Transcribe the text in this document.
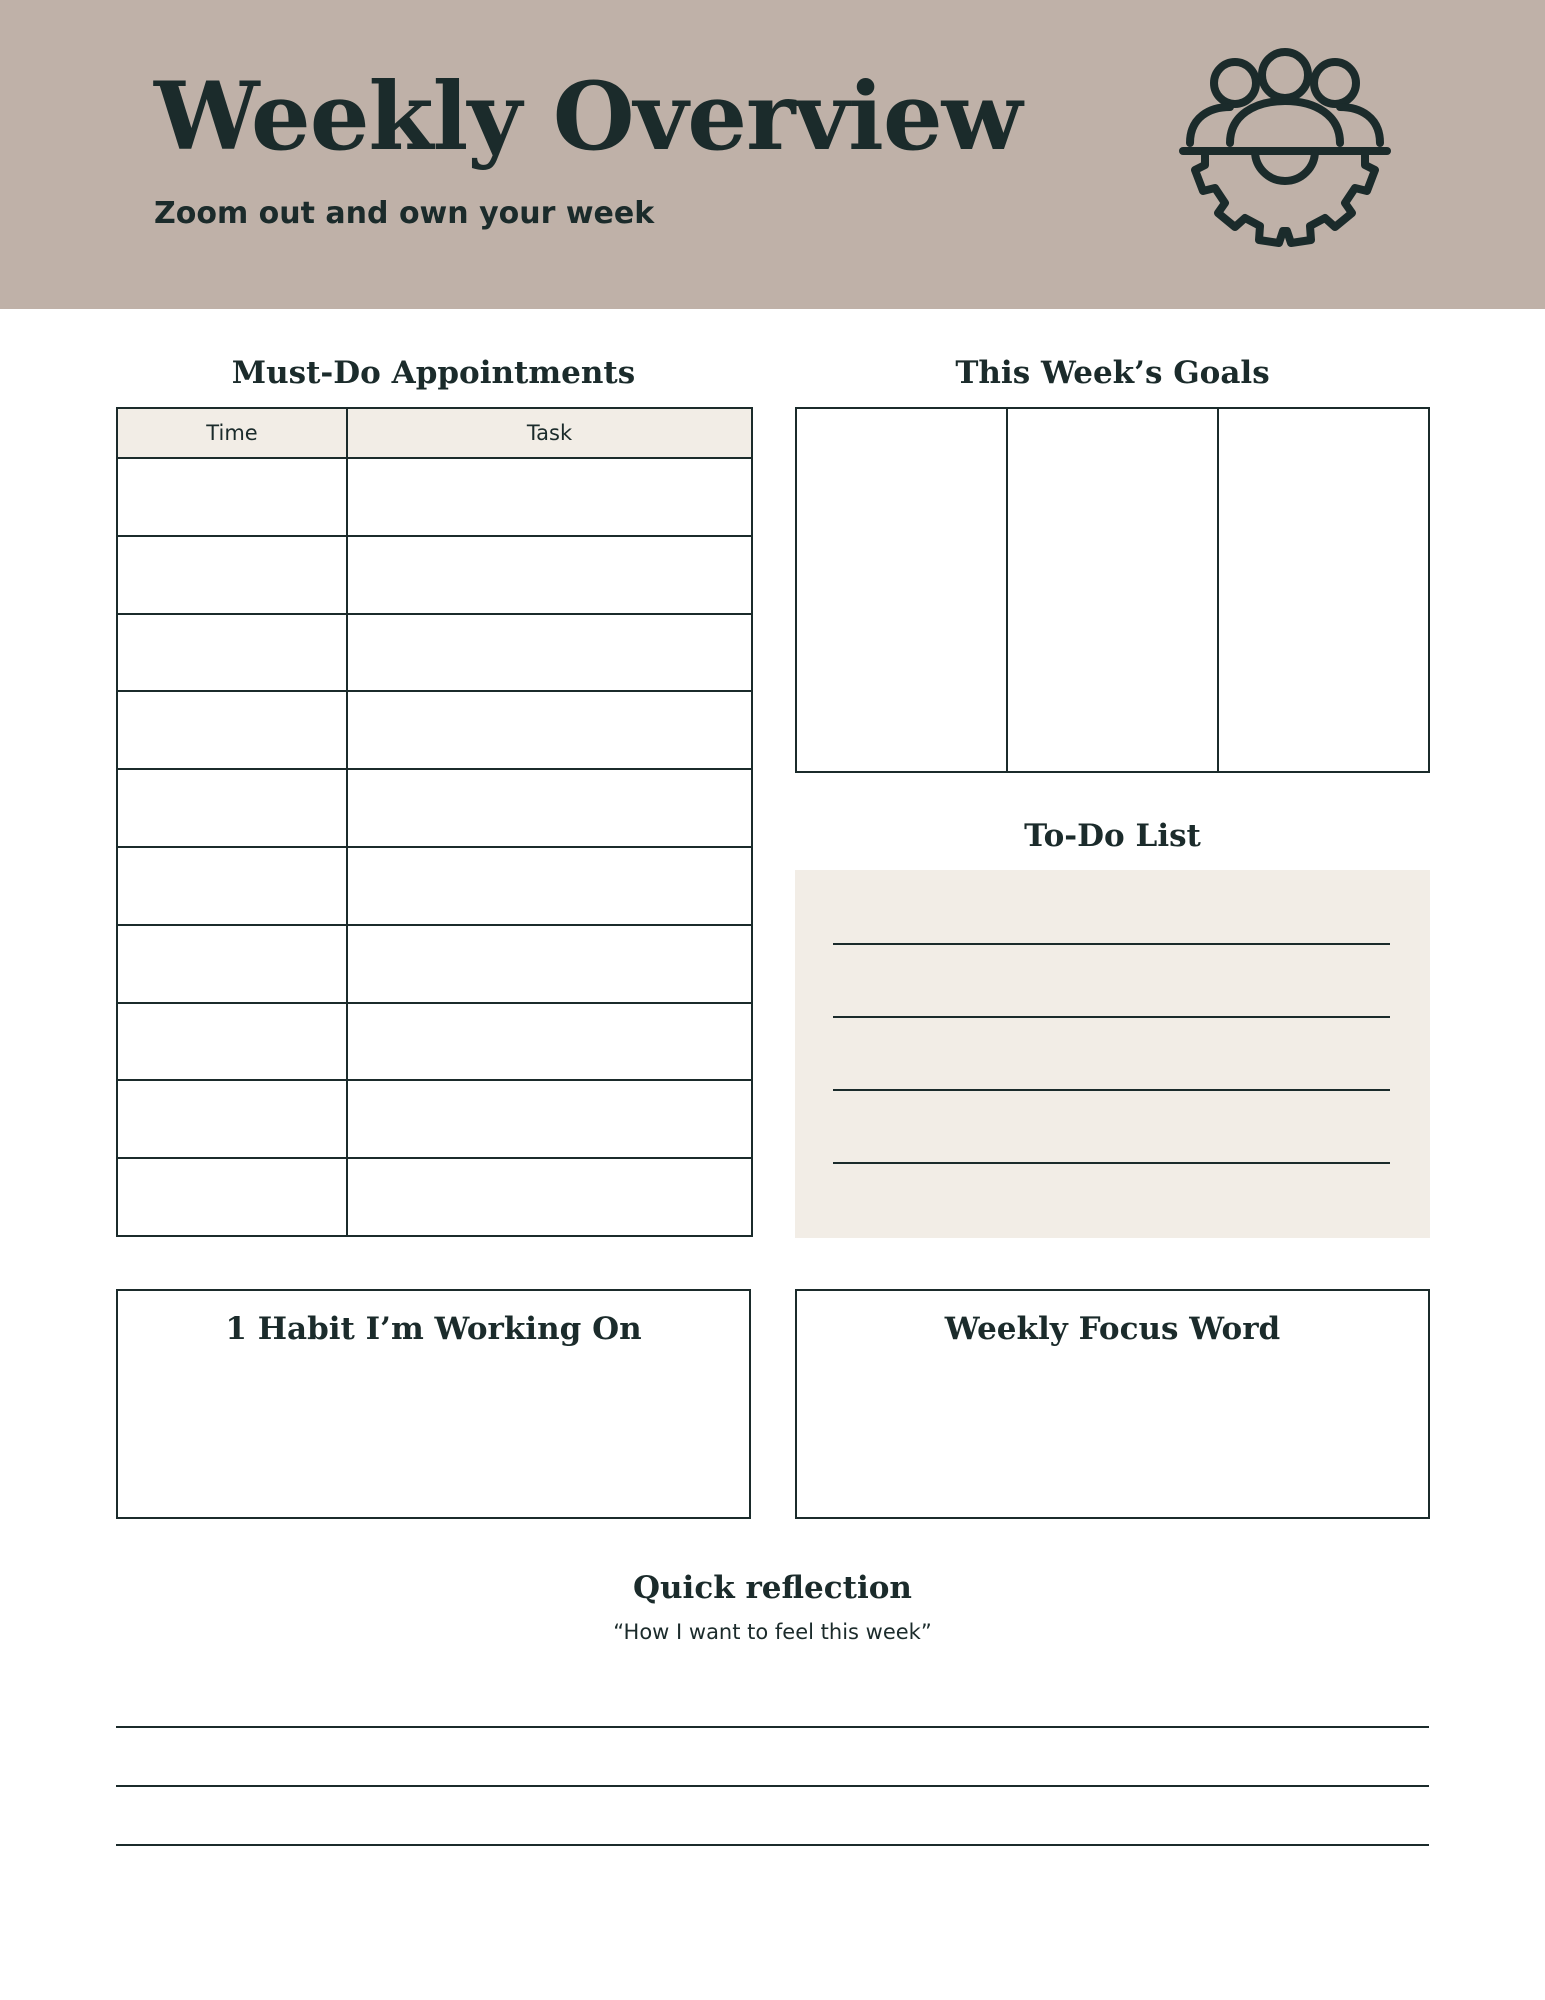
Weekly Overview
Zoom out and own your week
Must-Do Appointments
Time	Task

This Week’s Goals
To-Do List
1 Habit I’m Working On	Weekly Focus Word
Quick reflection
“How I want to feel this week”
